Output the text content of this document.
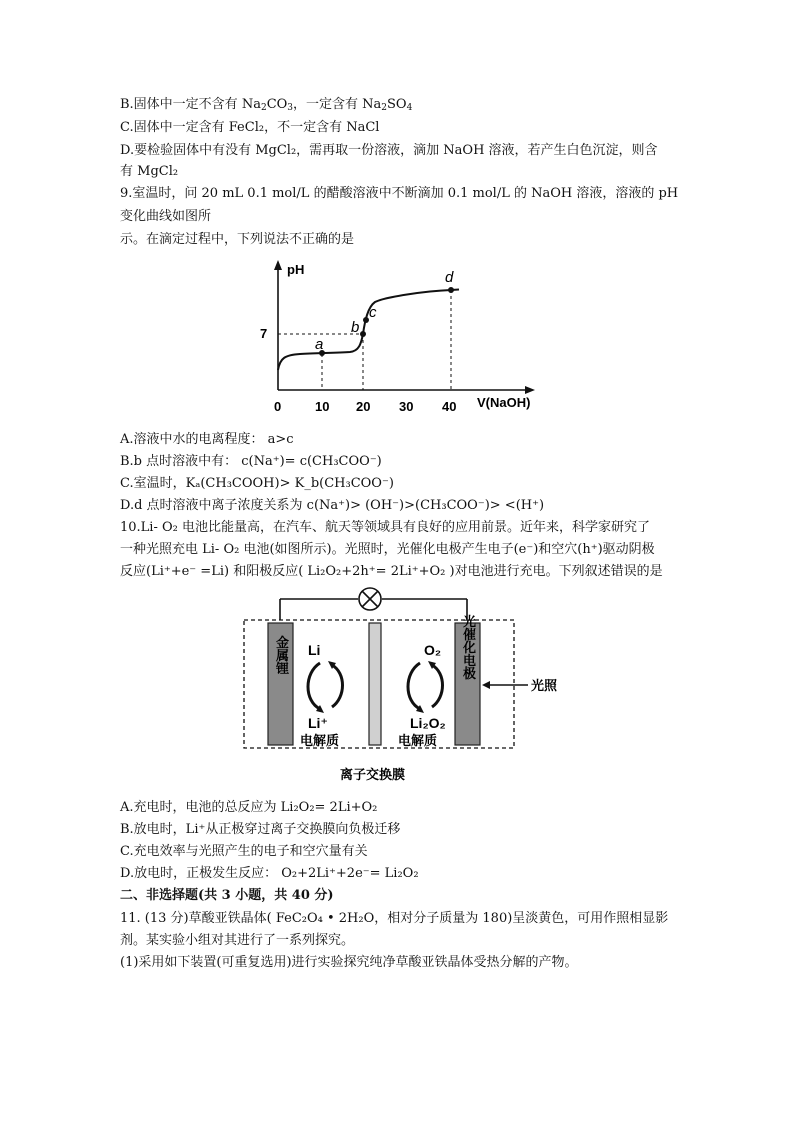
B.固体中一定不含有 $Na_2CO_3$，一定含有 $Na_2SO_4$
C.固体中一定含有 FeCl₂，不一定含有 NaCl
D.要检验固体中有没有 MgCl₂，需再取一份溶液，滴加 NaOH 溶液，若产生白色沉淀，则含
有 MgCl₂
9.室温时，问 20 mL 0.1 mol/L 的醋酸溶液中不断滴加 0.1 mol/L 的 NaOH 溶液，溶液的 pH
变化曲线如图所
示。在滴定过程中，下列说法不正确的是
pH
V(NaOH)
0	10 20 30 40
7
a
b
c
d
A.溶液中水的电离程度： a>c
B.b 点时溶液中有： c(Na⁺)= c(CH₃COO⁻)
C.室温时，Kₐ(CH₃COOH)> K_b(CH₃COO⁻)
D.d 点时溶液中离子浓度关系为 c(Na⁺)> (OH⁻)>(CH₃COO⁻)> <(H⁺)
10.Li- O₂ 电池比能量高，在汽车、航天等领域具有良好的应用前景。近年来，科学家研究了
一种光照充电 Li- O₂ 电池(如图所示)。光照时，光催化电极产生电子(e⁻)和空穴(h⁺)驱动阴极
反应(Li⁺+e⁻ =Li) 和阳极反应( Li₂O₂+2h⁺= 2Li⁺+O₂ )对电池进行充电。下列叙述错误的是
金属锂	光催化电极
Li
Li⁺
电解质
O₂
Li₂O₂
电解质
光照
离子交换膜
A.充电时，电池的总反应为 Li₂O₂= 2Li+O₂
B.放电时，Li⁺从正极穿过离子交换膜向负极迁移
C.充电效率与光照产生的电子和空穴量有关
D.放电时，正极发生反应： O₂+2Li⁺+2e⁻= Li₂O₂
二、非选择题(共 3 小题，共 40 分)
11. (13 分)草酸亚铁晶体( FeC₂O₄ • 2H₂O，相对分子质量为 180)呈淡黄色，可用作照相显影
剂。某实验小组对其进行了一系列探究。
(1)采用如下装置(可重复选用)进行实验探究纯净草酸亚铁晶体受热分解的产物。
